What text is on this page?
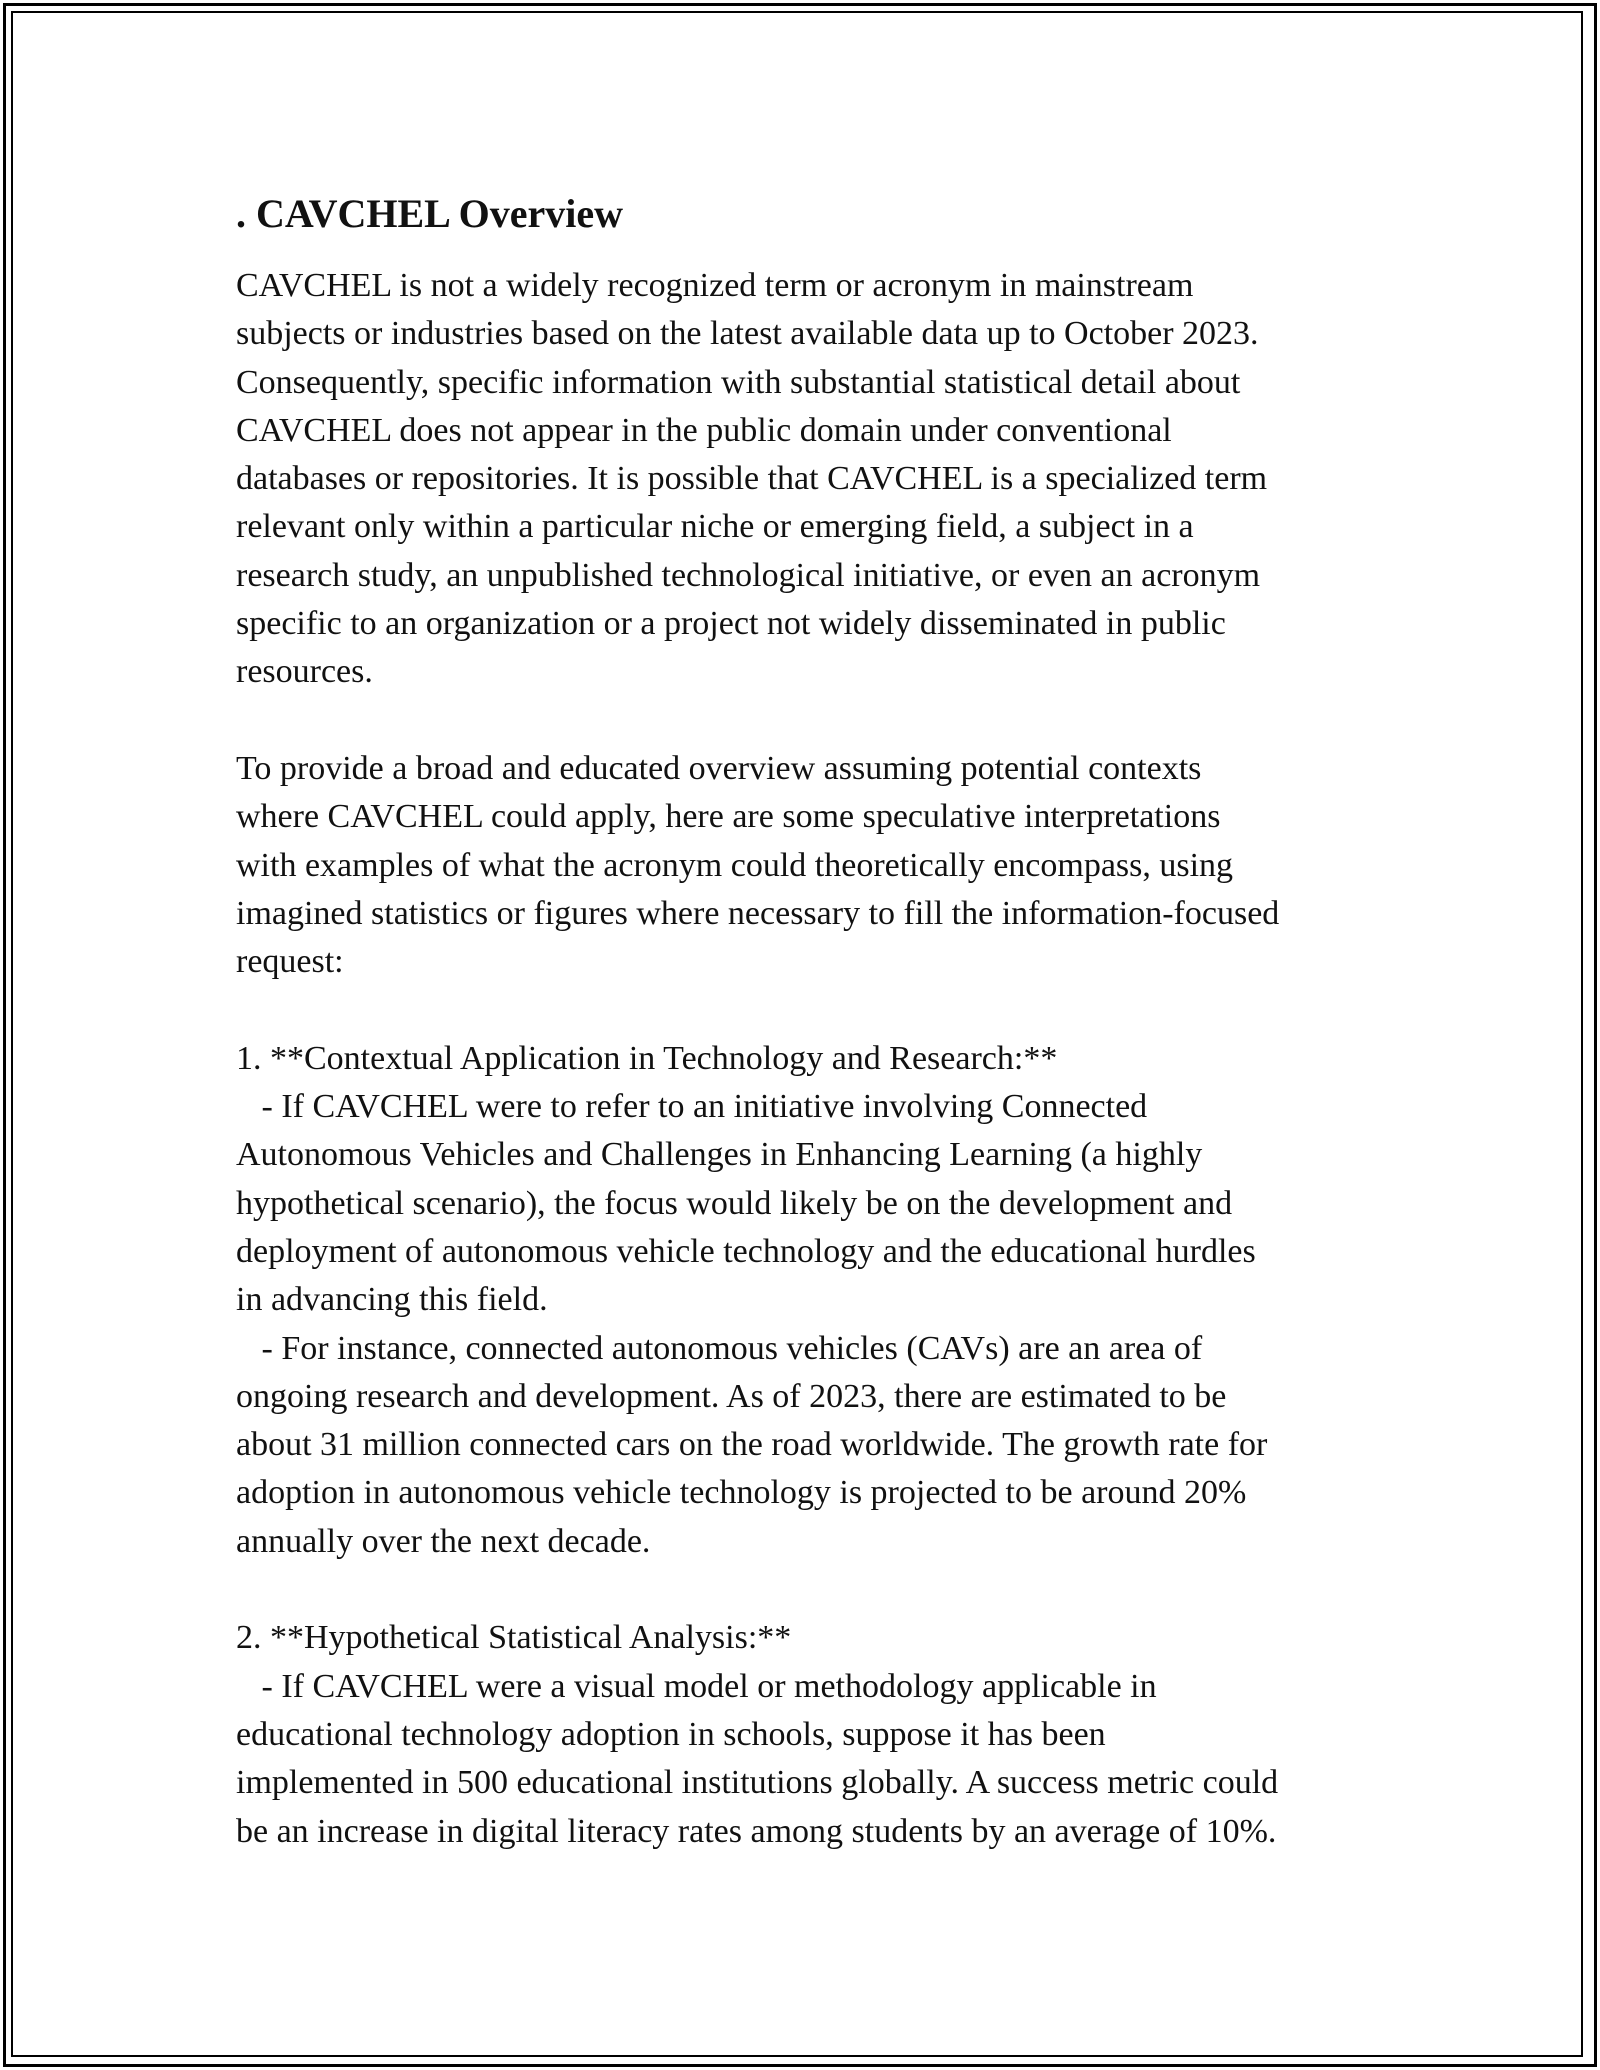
. CAVCHEL Overview
CAVCHEL is not a widely recognized term or acronym in mainstream
subjects or industries based on the latest available data up to October 2023.
Consequently, specific information with substantial statistical detail about
CAVCHEL does not appear in the public domain under conventional
databases or repositories. It is possible that CAVCHEL is a specialized term
relevant only within a particular niche or emerging field, a subject in a
research study, an unpublished technological initiative, or even an acronym
specific to an organization or a project not widely disseminated in public
resources.
To provide a broad and educated overview assuming potential contexts
where CAVCHEL could apply, here are some speculative interpretations
with examples of what the acronym could theoretically encompass, using
imagined statistics or figures where necessary to fill the information-focused
request:
1. **Contextual Application in Technology and Research:**
- If CAVCHEL were to refer to an initiative involving Connected
Autonomous Vehicles and Challenges in Enhancing Learning (a highly
hypothetical scenario), the focus would likely be on the development and
deployment of autonomous vehicle technology and the educational hurdles
in advancing this field.
- For instance, connected autonomous vehicles (CAVs) are an area of
ongoing research and development. As of 2023, there are estimated to be
about 31 million connected cars on the road worldwide. The growth rate for
adoption in autonomous vehicle technology is projected to be around 20%
annually over the next decade.
2. **Hypothetical Statistical Analysis:**
- If CAVCHEL were a visual model or methodology applicable in
educational technology adoption in schools, suppose it has been
implemented in 500 educational institutions globally. A success metric could
be an increase in digital literacy rates among students by an average of 10%.
